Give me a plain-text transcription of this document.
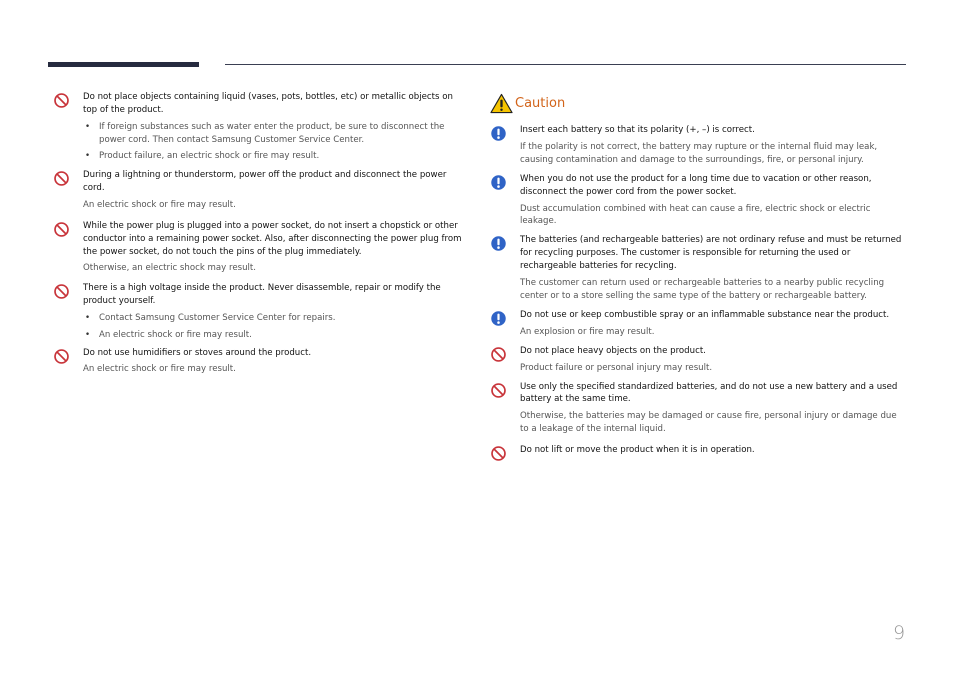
Do not place objects containing liquid (vases, pots, bottles, etc) or metallic objects on top of the product.

• If foreign substances such as water enter the product, be sure to disconnect the power cord. Then contact Samsung Customer Service Center.
• Product failure, an electric shock or fire may result.

During a lightning or thunderstorm, power off the product and disconnect the power cord.

An electric shock or fire may result.

While the power plug is plugged into a power socket, do not insert a chopstick or other conductor into a remaining power socket. Also, after disconnecting the power plug from the power socket, do not touch the pins of the plug immediately.

Otherwise, an electric shock may result.

There is a high voltage inside the product. Never disassemble, repair or modify the product yourself.

• Contact Samsung Customer Service Center for repairs.
• An electric shock or fire may result.

Do not use humidifiers or stoves around the product.

An electric shock or fire may result.

Caution

Insert each battery so that its polarity (+, –) is correct.

If the polarity is not correct, the battery may rupture or the internal fluid may leak, causing contamination and damage to the surroundings, fire, or personal injury.

When you do not use the product for a long time due to vacation or other reason, disconnect the power cord from the power socket.

Dust accumulation combined with heat can cause a fire, electric shock or electric leakage.

The batteries (and rechargeable batteries) are not ordinary refuse and must be returned for recycling purposes. The customer is responsible for returning the used or rechargeable batteries for recycling.

The customer can return used or rechargeable batteries to a nearby public recycling center or to a store selling the same type of the battery or rechargeable battery.

Do not use or keep combustible spray or an inflammable substance near the product.

An explosion or fire may result.

Do not place heavy objects on the product.

Product failure or personal injury may result.

Use only the specified standardized batteries, and do not use a new battery and a used battery at the same time.

Otherwise, the batteries may be damaged or cause fire, personal injury or damage due to a leakage of the internal liquid.

Do not lift or move the product when it is in operation.

9
